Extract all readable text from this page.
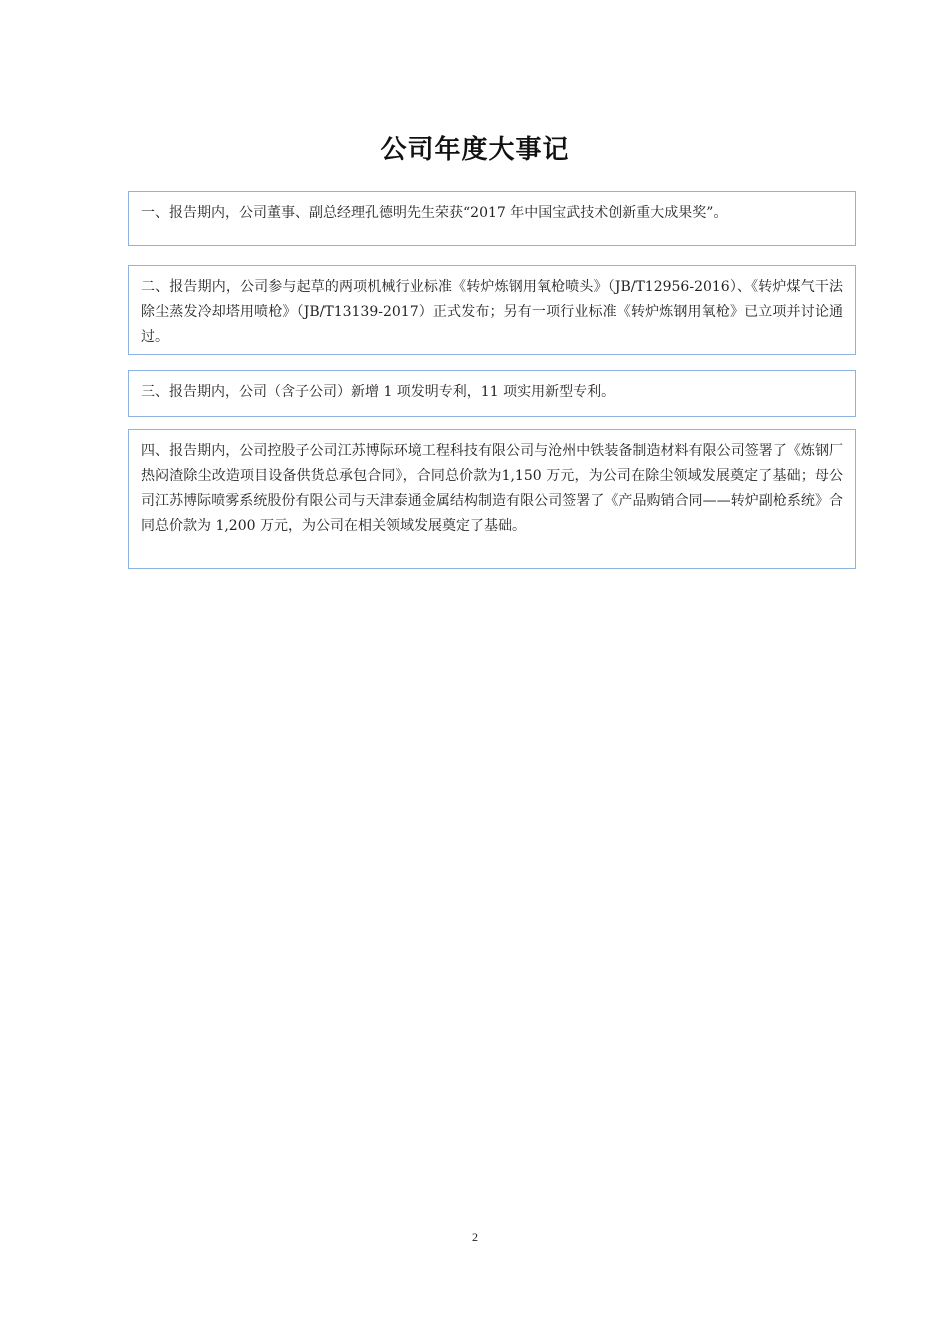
公司年度大事记
一、报告期内，公司董事、副总经理孔德明先生荣获“2017 年中国宝武技术创新重大成果奖”。
二、报告期内，公司参与起草的两项机械行业标准《转炉炼钢用氧枪喷头》（JB/T12956-2016）、《转炉煤气干法除尘蒸发冷却塔用喷枪》（JB/T13139-2017）正式发布；另有一项行业标准《转炉炼钢用氧枪》已立项并讨论通过。
三、报告期内，公司（含子公司）新增 1 项发明专利，11 项实用新型专利。
四、报告期内，公司控股子公司江苏博际环境工程科技有限公司与沧州中铁装备制造材料有限公司签署了《炼钢厂热闷渣除尘改造项目设备供货总承包合同》，合同总价款为1,150 万元，为公司在除尘领域发展奠定了基础；母公司江苏博际喷雾系统股份有限公司与天津泰通金属结构制造有限公司签署了《产品购销合同——转炉副枪系统》合同总价款为 1,200 万元，为公司在相关领域发展奠定了基础。
2
